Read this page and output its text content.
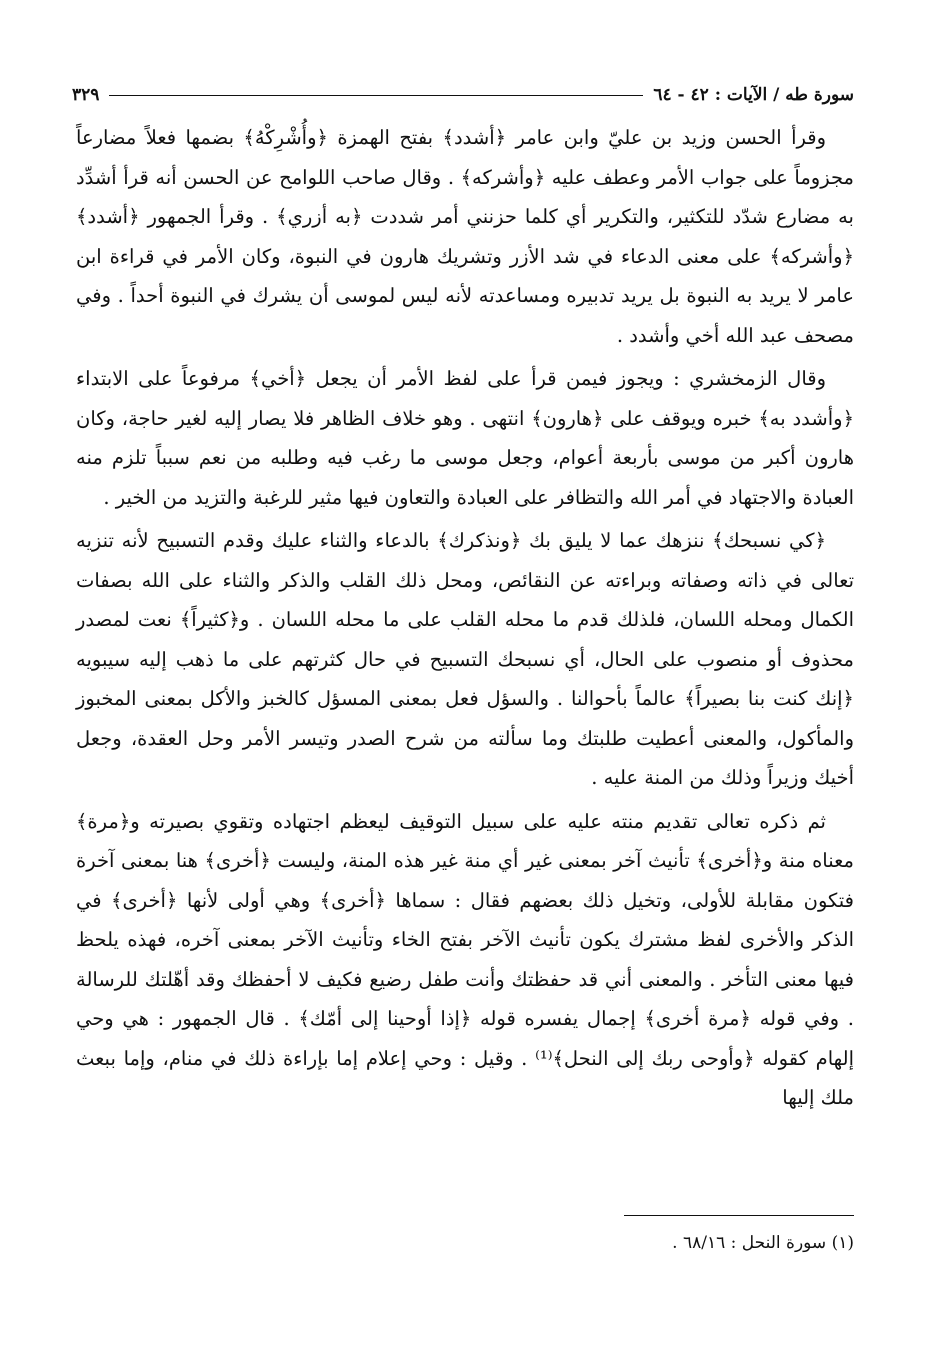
سورة طه / الآيات : ٤٢ - ٦٤
٣٢٩

وقرأ الحسن وزيد بن عليّ وابن عامر ﴿أشدد﴾ بفتح الهمزة ﴿وأُشْرِكْهُ﴾ بضمها فعلاً مضارعاً مجزوماً على جواب الأمر وعطف عليه ﴿وأشركه﴾ . وقال صاحب اللوامح عن الحسن أنه قرأ أشدِّد به مضارع شدّد للتكثير، والتكرير أي كلما حزنني أمر شددت ﴿به أزري﴾ . وقرأ الجمهور ﴿أشدد﴾ ﴿وأشركه﴾ على معنى الدعاء في شد الأزر وتشريك هارون في النبوة، وكان الأمر في قراءة ابن عامر لا يريد به النبوة بل يريد تدبيره ومساعدته لأنه ليس لموسى أن يشرك في النبوة أحداً . وفي مصحف عبد الله أخي وأشدد .

وقال الزمخشري : ويجوز فيمن قرأ على لفظ الأمر أن يجعل ﴿أخي﴾ مرفوعاً على الابتداء ﴿وأشدد به﴾ خبره ويوقف على ﴿هارون﴾ انتهى . وهو خلاف الظاهر فلا يصار إليه لغير حاجة، وكان هارون أكبر من موسى بأربعة أعوام، وجعل موسى ما رغب فيه وطلبه من نعم سبباً تلزم منه العبادة والاجتهاد في أمر الله والتظافر على العبادة والتعاون فيها مثير للرغبة والتزيد من الخير .

﴿كي نسبحك﴾ ننزهك عما لا يليق بك ﴿ونذكرك﴾ بالدعاء والثناء عليك وقدم التسبيح لأنه تنزيه تعالى في ذاته وصفاته وبراءته عن النقائص، ومحل ذلك القلب والذكر والثناء على الله بصفات الكمال ومحله اللسان، فلذلك قدم ما محله القلب على ما محله اللسان . و﴿كثيراً﴾ نعت لمصدر محذوف أو منصوب على الحال، أي نسبحك التسبيح في حال كثرتهم على ما ذهب إليه سيبويه ﴿إنك كنت بنا بصيراً﴾ عالماً بأحوالنا . والسؤل فعل بمعنى المسؤل كالخبز والأكل بمعنى المخبوز والمأكول، والمعنى أعطيت طلبتك وما سألته من شرح الصدر وتيسر الأمر وحل العقدة، وجعل أخيك وزيراً وذلك من المنة عليه .

ثم ذكره تعالى تقديم منته عليه على سبيل التوقيف ليعظم اجتهاده وتقوي بصيرته و﴿مرة﴾ معناه منة و﴿أخرى﴾ تأنيث آخر بمعنى غير أي منة غير هذه المنة، وليست ﴿أخرى﴾ هنا بمعنى آخرة فتكون مقابلة للأولى، وتخيل ذلك بعضهم فقال : سماها ﴿أخرى﴾ وهي أولى لأنها ﴿أخرى﴾ في الذكر والأخرى لفظ مشترك يكون تأنيث الآخر بفتح الخاء وتأنيث الآخر بمعنى آخره، فهذه يلحظ فيها معنى التأخر . والمعنى أني قد حفظتك وأنت طفل رضيع فكيف لا أحفظك وقد أهّلتك للرسالة . وفي قوله ﴿مرة أخرى﴾ إجمال يفسره قوله ﴿إذا أوحينا إلى أمّك﴾ . قال الجمهور : هي وحي إلهام كقوله ﴿وأوحى ربك إلى النحل﴾⁽¹⁾ . وقيل : وحي إعلام إما بإراءة ذلك في منام، وإما ببعث ملك إليها

(١) سورة النحل : ٦٨/١٦ .
